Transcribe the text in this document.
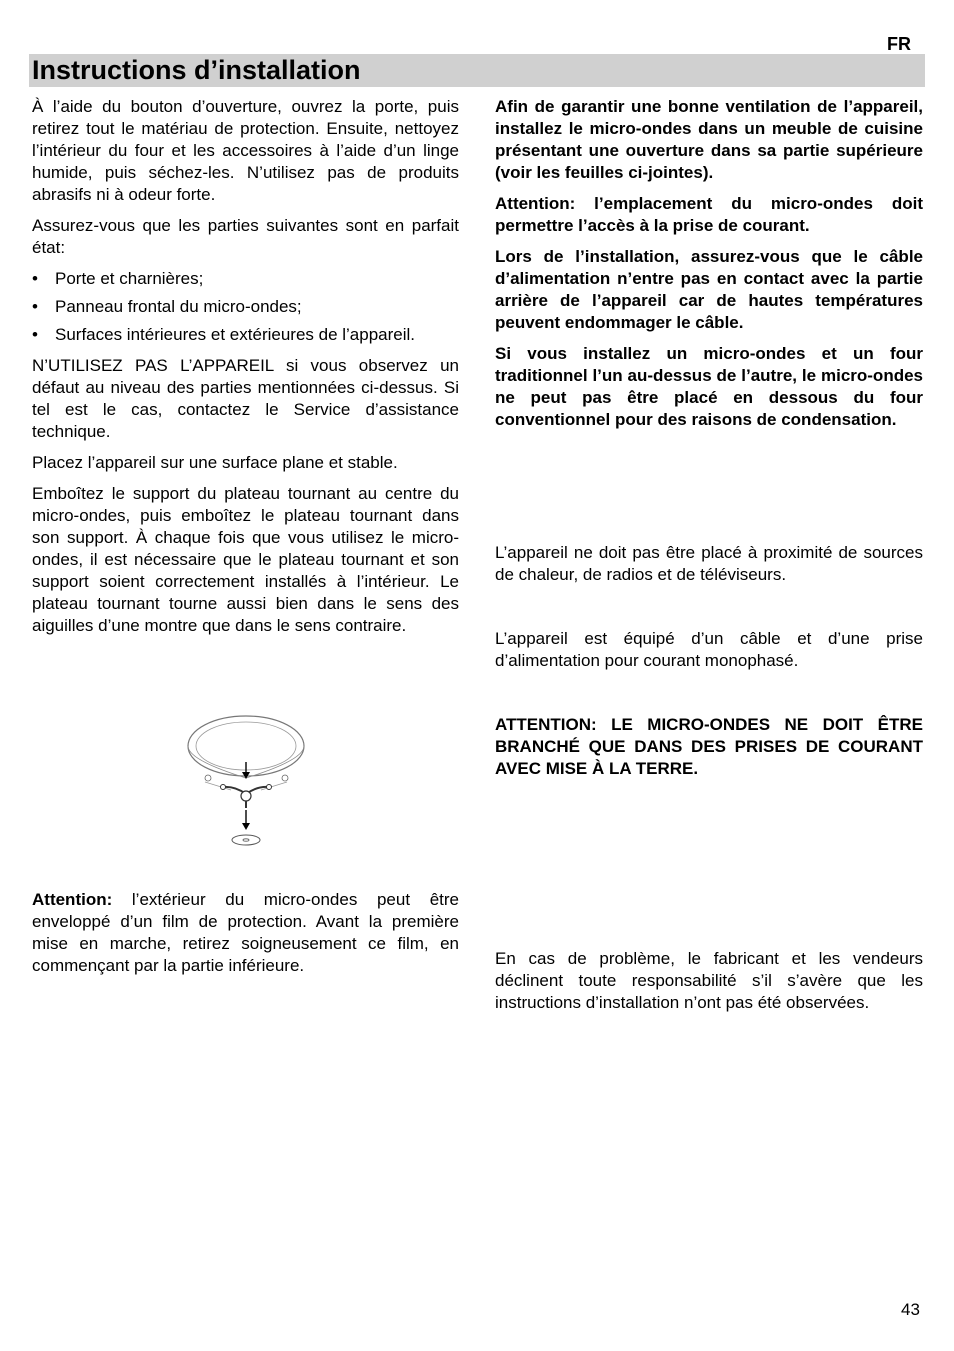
FR
Instructions d’installation

À l’aide du bouton d’ouverture, ouvrez la porte, puis retirez tout le matériau de protection. Ensuite, nettoyez l’intérieur du four et les accessoires à l’aide d’un linge humide, puis séchez-les. N’utilisez pas de produits abrasifs ni à odeur forte.

Assurez-vous que les parties suivantes sont en parfait état:

• Porte et charnières;
• Panneau frontal du micro-ondes;
• Surfaces intérieures et extérieures de l’appareil.

N’UTILISEZ PAS L’APPAREIL si vous observez un défaut au niveau des parties mentionnées ci-dessus. Si tel est le cas, contactez le Service d’assistance technique.

Placez l’appareil sur une surface plane et stable.

Emboîtez le support du plateau tournant au centre du micro-ondes, puis emboîtez le plateau tournant dans son support. À chaque fois que vous utilisez le micro-ondes, il est nécessaire que le plateau tournant et son support soient correctement installés à l’intérieur. Le plateau tournant tourne aussi bien dans le sens des aiguilles d’une montre que dans le sens contraire.

Attention: l’extérieur du micro-ondes peut être enveloppé d’un film de protection. Avant la première mise en marche, retirez soigneusement ce film, en commençant par la partie inférieure.

Afin de garantir une bonne ventilation de l’appareil, installez le micro-ondes dans un meuble de cuisine présentant une ouverture dans sa partie supérieure (voir les feuilles ci-jointes).

Attention: l’emplacement du micro-ondes doit permettre l’accès à la prise de courant.

Lors de l’installation, assurez-vous que le câble d’alimentation n’entre pas en contact avec la partie arrière de l’appareil car de hautes températures peuvent endommager le câble.

Si vous installez un micro-ondes et un four traditionnel l’un au-dessus de l’autre, le micro-ondes ne peut pas être placé en dessous du four conventionnel pour des raisons de condensation.

L’appareil ne doit pas être placé à proximité de sources de chaleur, de radios et de téléviseurs.

L’appareil est équipé d’un câble et d’une prise d’alimentation pour courant monophasé.

ATTENTION: LE MICRO-ONDES NE DOIT ÊTRE BRANCHÉ QUE DANS DES PRISES DE COURANT AVEC MISE À LA TERRE.

En cas de problème, le fabricant et les vendeurs déclinent toute responsabilité s’il s’avère que les instructions d’installation n’ont pas été observées.

43
